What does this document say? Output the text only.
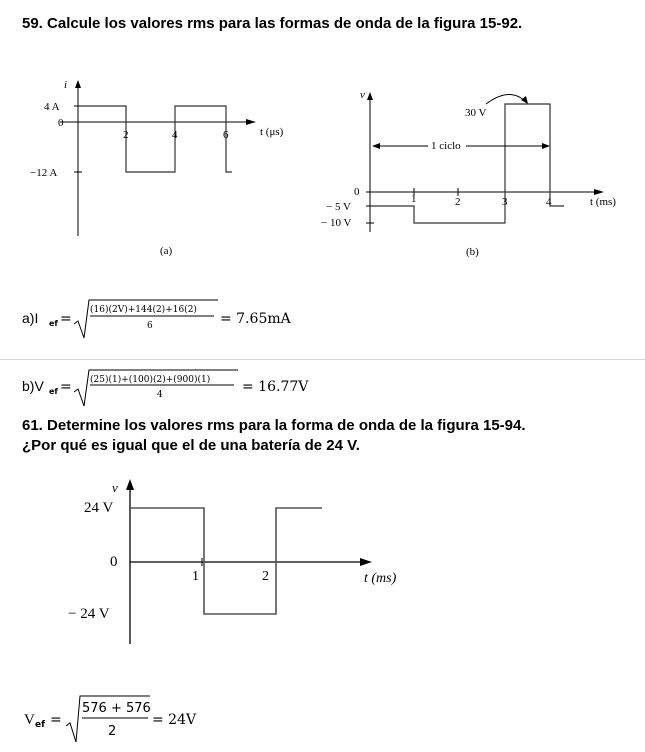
59. Calcule los valores rms para las formas de onda de la figura 15-92.
i
4 A
0
−12 A
2	4	6	t (μs)
(a)
v
30 V
1 ciclo
0
− 5 V
− 10 V
1	2	3	4	t (ms)
(b)
a)I ef =
(16)(2V)+144(2)+16(2)
6	= 7.65mA
b)V ef = (25)(1)+(100)(2)+(900)(1)
4	= 16.77V
61. Determine los valores rms para la forma de onda de la figura 15-94.
¿Por qué es igual que el de una batería de 24 V.
v
24 V
0
− 24 V
1	2	t (ms)
V ef =
576 + 576
2
= 24V
